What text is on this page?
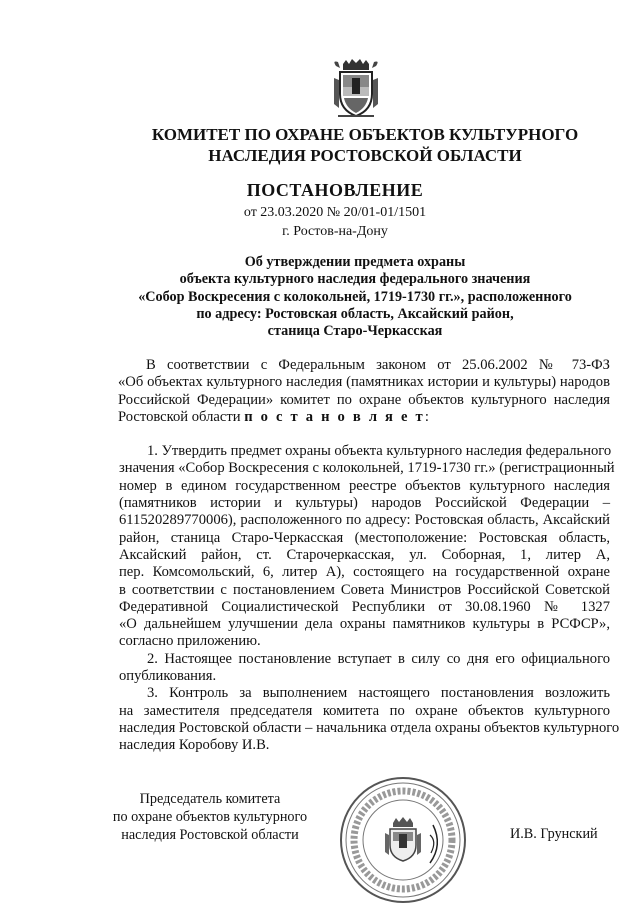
КОМИТЕТ ПО ОХРАНЕ ОБЪЕКТОВ КУЛЬТУРНОГО
НАСЛЕДИЯ РОСТОВСКОЙ ОБЛАСТИ
ПОСТАНОВЛЕНИЕ
от 23.03.2020 № 20/01-01/1501
г. Ростов-на-Дону
Об утверждении предмета охраны
объекта культурного наследия федерального значения
«Собор Воскресения с колокольней, 1719-1730 гг.», расположенного
по адресу: Ростовская область, Аксайский район,
станица Старо-Черкасская

В соответствии с Федеральным законом от 25.06.2002 № 73-ФЗ
«Об объектах культурного наследия (памятниках истории и культуры) народов
Российской Федерации» комитет по охране объектов культурного наследия
Ростовской области п о с т а н о в л я е т:

1. Утвердить предмет охраны объекта культурного наследия федерального
значения «Собор Воскресения с колокольней, 1719-1730 гг.» (регистрационный
номер в едином государственном реестре объектов культурного наследия
(памятников истории и культуры) народов Российской Федерации –
611520289770006), расположенного по адресу: Ростовская область, Аксайский
район, станица Старо-Черкасская (местоположение: Ростовская область,
Аксайский район, ст. Старочеркасская, ул. Соборная, 1, литер А,
пер. Комсомольский, 6, литер А), состоящего на государственной охране
в соответствии с постановлением Совета Министров Российской Советской
Федеративной Социалистической Республики от 30.08.1960 № 1327
«О дальнейшем улучшении дела охраны памятников культуры в РСФСР»,
согласно приложению.

2. Настоящее постановление вступает в силу со дня его официального
опубликования.

3. Контроль за выполнением настоящего постановления возложить
на заместителя председателя комитета по охране объектов культурного
наследия Ростовской области – начальника отдела охраны объектов культурного
наследия Коробову И.В.

Председатель комитета
по охране объектов культурного
наследия Ростовской области	И.В. Грунский
